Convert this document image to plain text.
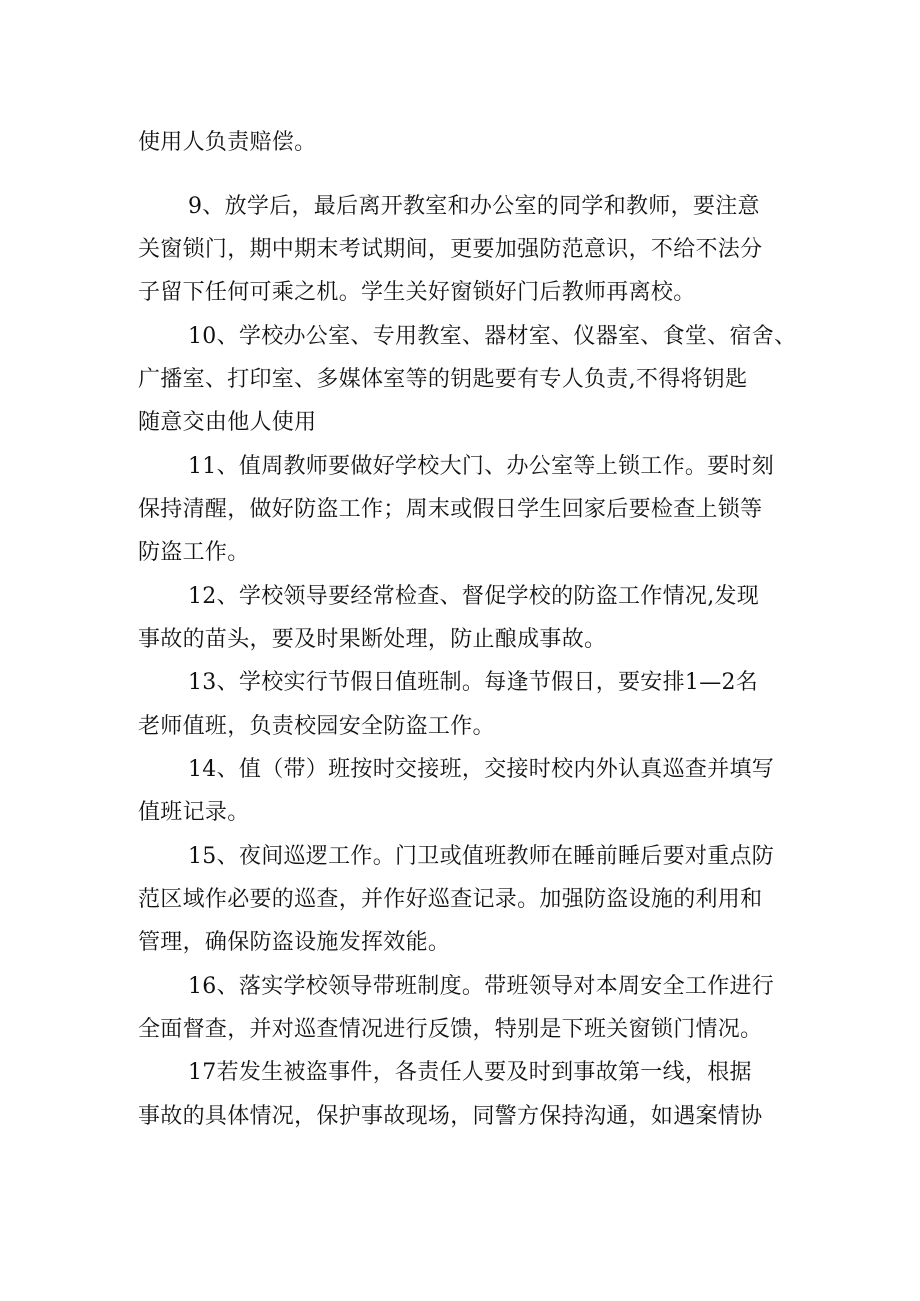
使用人负责赔偿。
9、放学后，最后离开教室和办公室的同学和教师，要注意
关窗锁门，期中期末考试期间，更要加强防范意识，不给不法分
子留下任何可乘之机。学生关好窗锁好门后教师再离校。
10、学校办公室、专用教室、器材室、仪器室、食堂、宿舍、
广播室、打印室、多媒体室等的钥匙要有专人负责,不得将钥匙
随意交由他人使用
11、值周教师要做好学校大门、办公室等上锁工作。要时刻
保持清醒，做好防盗工作；周末或假日学生回家后要检查上锁等
防盗工作。
12、学校领导要经常检查、督促学校的防盗工作情况,发现
事故的苗头，要及时果断处理，防止酿成事故。
13、学校实行节假日值班制。每逢节假日，要安排1—2名
老师值班，负责校园安全防盗工作。
14、值（带）班按时交接班，交接时校内外认真巡查并填写
值班记录。
15、夜间巡逻工作。门卫或值班教师在睡前睡后要对重点防
范区域作必要的巡查，并作好巡查记录。加强防盗设施的利用和
管理，确保防盗设施发挥效能。
16、落实学校领导带班制度。带班领导对本周安全工作进行
全面督查，并对巡查情况进行反馈，特别是下班关窗锁门情况。
17若发生被盗事件，各责任人要及时到事故第一线，根据
事故的具体情况，保护事故现场，同警方保持沟通，如遇案情协
